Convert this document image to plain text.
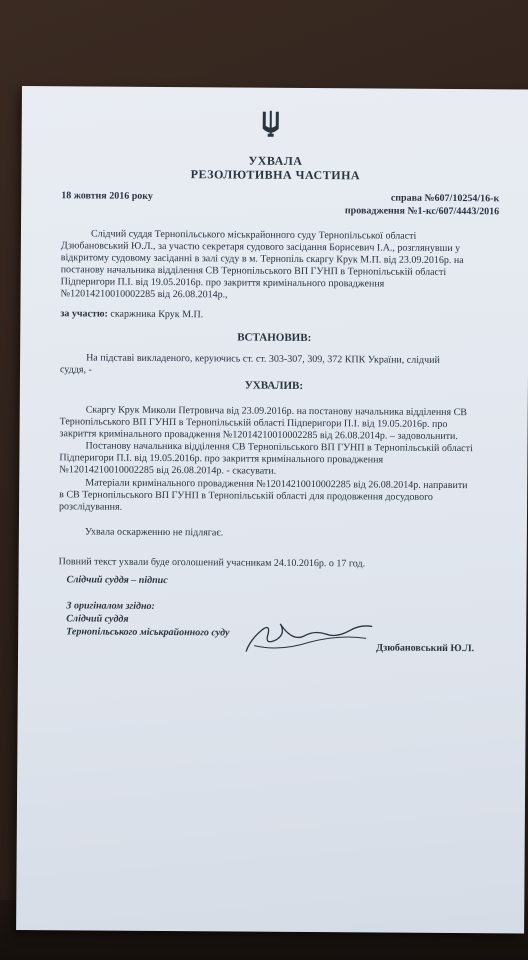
УХВАЛА
РЕЗОЛЮТИВНА ЧАСТИНА
18 жовтня 2016 року	справа №607/10254/16-к
провадження №1-кс/607/4443/2016
Слідчий суддя Тернопільського міськрайонного суду Тернопільської області
Дзюбановський Ю.Л., за участю секретаря судового засідання Борисевич І.А., розглянувши у
відкритому судовому засіданні в залі суду в м. Тернопіль скаргу Крук М.П. від 23.09.2016р. на
постанову начальника відділення СВ Тернопільського ВП ГУНП в Тернопільській області
Підперигори П.І. від 19.05.2016р. про закриття кримінального провадження
№12014210010002285 від 26.08.2014р.,
за участю: скаржника Крук М.П.
ВСТАНОВИВ:
На підставі викладеного, керуючись ст. ст. 303-307, 309, 372 КПК України, слідчий
суддя, -
УХВАЛИВ:
Скаргу Крук Миколи Петровича від 23.09.2016р. на постанову начальника відділення СВ
Тернопільського ВП ГУНП в Тернопільській області Підперигори П.І. від 19.05.2016р. про
закриття кримінального провадження №12014210010002285 від 26.08.2014р. – задовольнити.
Постанову начальника відділення СВ Тернопільського ВП ГУНП в Тернопільській області
Підперигори П.І. від 19.05.2016р. про закриття кримінального провадження
№12014210010002285 від 26.08.2014р. - скасувати.
Матеріали кримінального провадження №12014210010002285 від 26.08.2014р. направити
в СВ Тернопільського ВП ГУНП в Тернопільській області для продовження досудового
розслідування.
Ухвала оскарженню не підлягає.
Повний текст ухвали буде оголошений учасникам 24.10.2016р. о 17 год.
Слідчий суддя – підпис
З оригіналом згідно:
Слідчий суддя
Тернопільського міськрайонного суду
Дзюбановський Ю.Л.
